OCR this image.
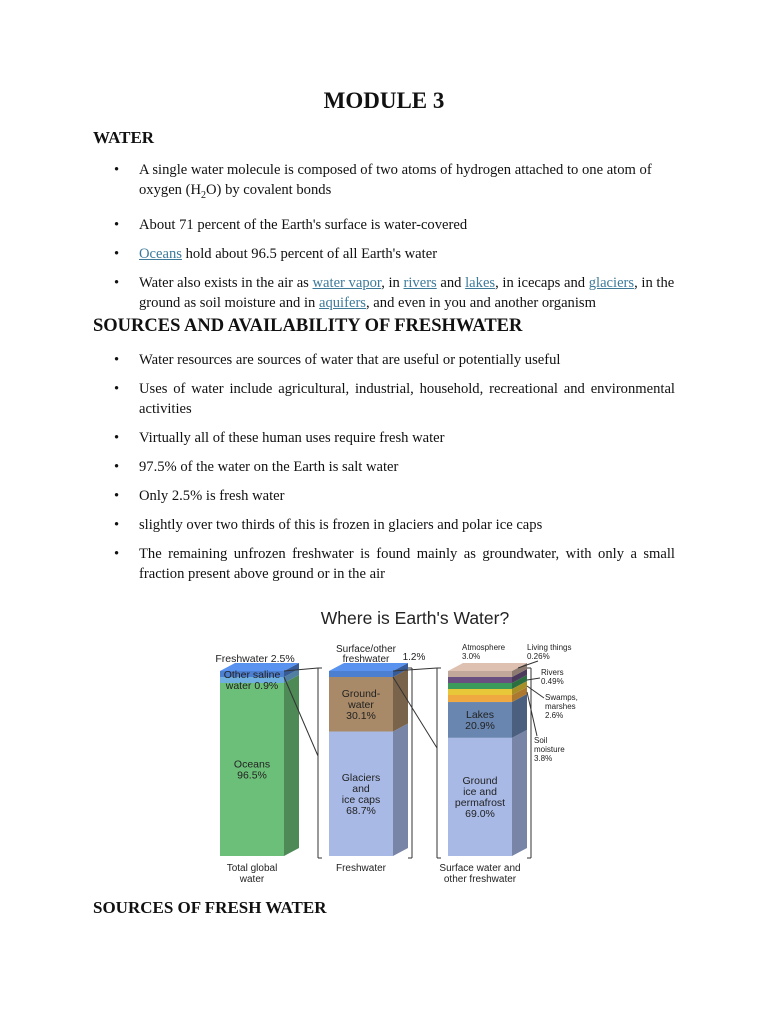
MODULE 3
WATER
• A single water molecule is composed of two atoms of hydrogen attached to one atom of oxygen $(H_2O)$ by covalent bonds
• About 71 percent of the Earth's surface is water-covered
• Oceans hold about 96.5 percent of all Earth's water
• Water also exists in the air as water vapor, in rivers and lakes, in icecaps and glaciers, in the ground as soil moisture and in aquifers, and even in you and another organism
SOURCES AND AVAILABILITY OF FRESHWATER
• Water resources are sources of water that are useful or potentially useful
• Uses of water include agricultural, industrial, household, recreational and environmental activities
• Virtually all of these human uses require fresh water
• 97.5% of the water on the Earth is salt water
• Only 2.5% is fresh water
• slightly over two thirds of this is frozen in glaciers and polar ice caps
• The remaining unfrozen freshwater is found mainly as groundwater, with only a small fraction present above ground or in the air
Where is Earth's Water?
Oceans 96.5%
Other saline water 0.9%
Total global water
Glaciers and ice caps 68.7%
Ground-water 30.1%
Freshwater
Ground ice and permafrost 69.0%
Lakes 20.9%
Surface water and other freshwater
Freshwater 2.5%
Surface/other freshwater	1.2%
Atmosphere 3.0%
Living things 0.26%
Rivers 0.49%
Swamps, marshes 2.6%
Soil moisture 3.8%
SOURCES OF FRESH WATER
